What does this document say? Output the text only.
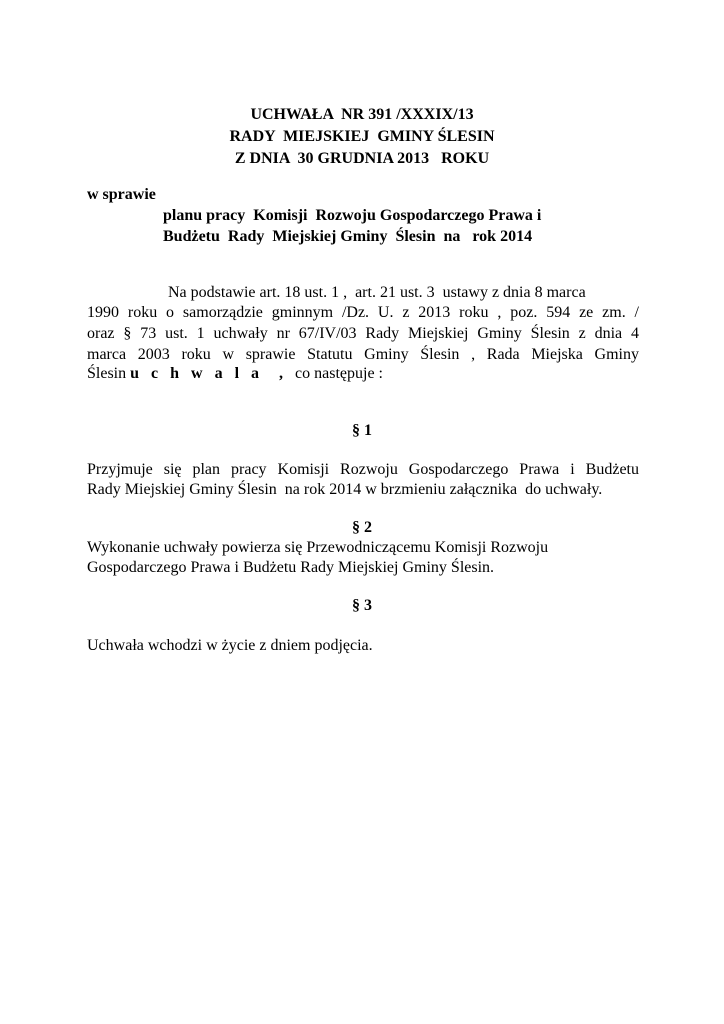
UCHWAŁA  NR 391 /XXXIX/13
RADY  MIEJSKIEJ  GMINY ŚLESIN
Z DNIA  30 GRUDNIA 2013   ROKU
w sprawie
planu pracy  Komisji  Rozwoju Gospodarczego Prawa i
Budżetu  Rady  Miejskiej Gminy  Ślesin  na   rok 2014
Na podstawie art. 18 ust. 1 ,  art. 21 ust. 3  ustawy z dnia 8 marca
1990 roku o samorządzie gminnym /Dz. U. z 2013 roku , poz. 594 ze zm. /
oraz § 73 ust. 1 uchwały nr 67/IV/03 Rady Miejskiej Gminy Ślesin z dnia 4
marca 2003 roku w sprawie Statutu Gminy Ślesin , Rada Miejska Gminy
Ślesin u c h w a l a  ,  co następuje :
§ 1
Przyjmuje się plan pracy Komisji Rozwoju Gospodarczego Prawa i Budżetu
Rady Miejskiej Gminy Ślesin  na rok 2014 w brzmieniu załącznika  do uchwały.
§ 2
Wykonanie uchwały powierza się Przewodniczącemu Komisji Rozwoju
Gospodarczego Prawa i Budżetu Rady Miejskiej Gminy Ślesin.
§ 3
Uchwała wchodzi w życie z dniem podjęcia.
